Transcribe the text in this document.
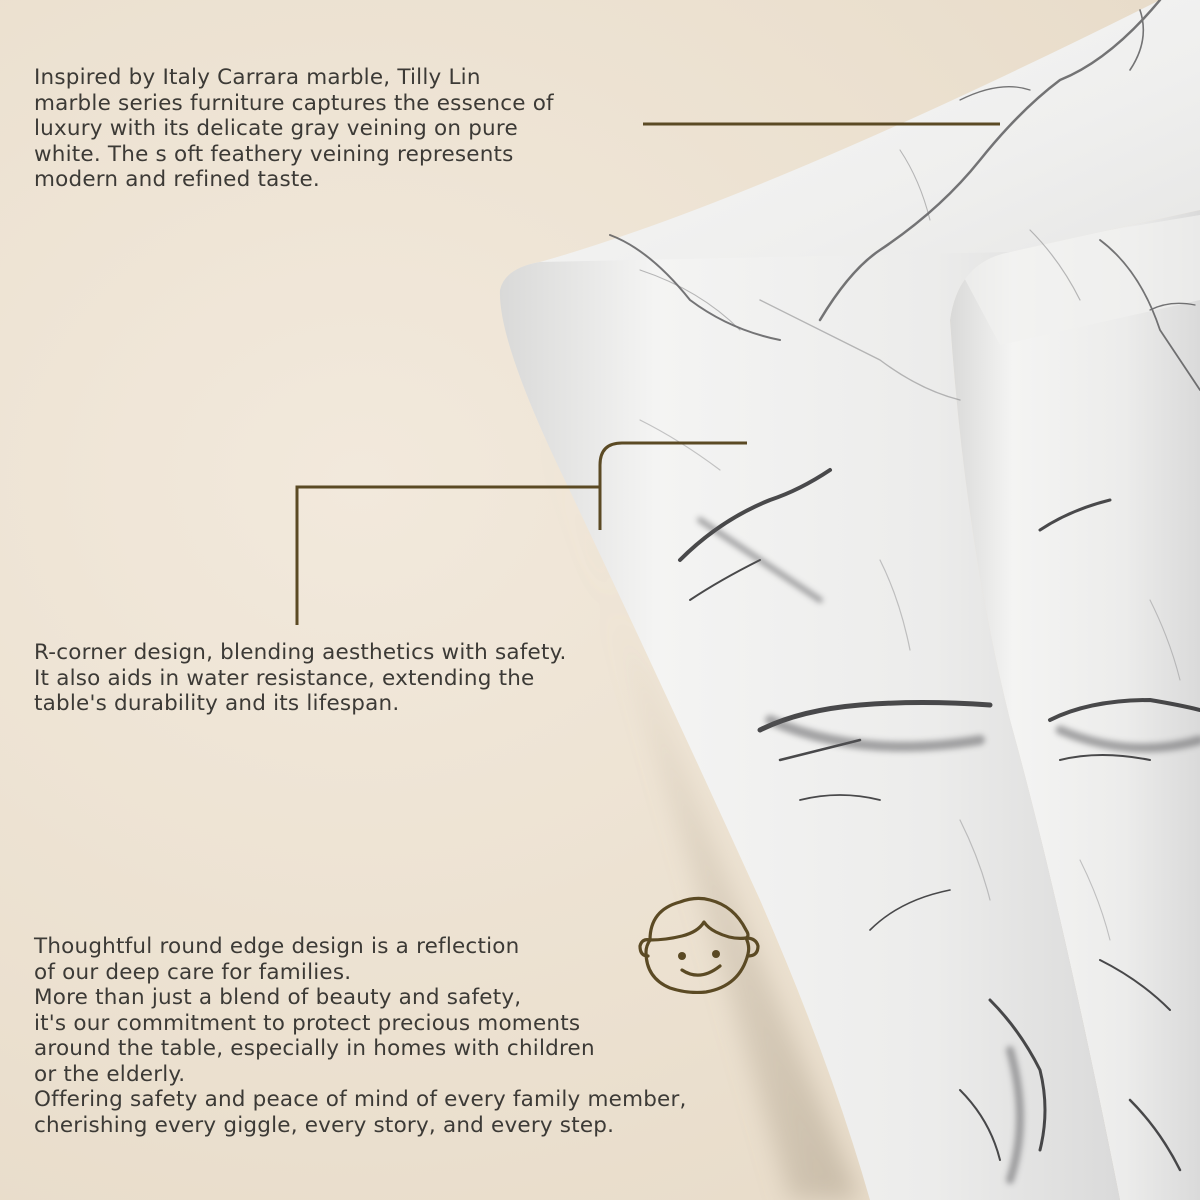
Inspired by Italy Carrara marble, Tilly Lin
marble series furniture captures the essence of
luxury with its delicate gray veining on pure
white. The s oft feathery veining represents
modern and refined taste.

R-corner design, blending aesthetics with safety.
It also aids in water resistance, extending the
table's durability and its lifespan.

Thoughtful round edge design is a reflection
of our deep care for families.
More than just a blend of beauty and safety,
it's our commitment to protect precious moments
around the table, especially in homes with children
or the elderly.
Offering safety and peace of mind of every family member,
cherishing every giggle, every story, and every step.
